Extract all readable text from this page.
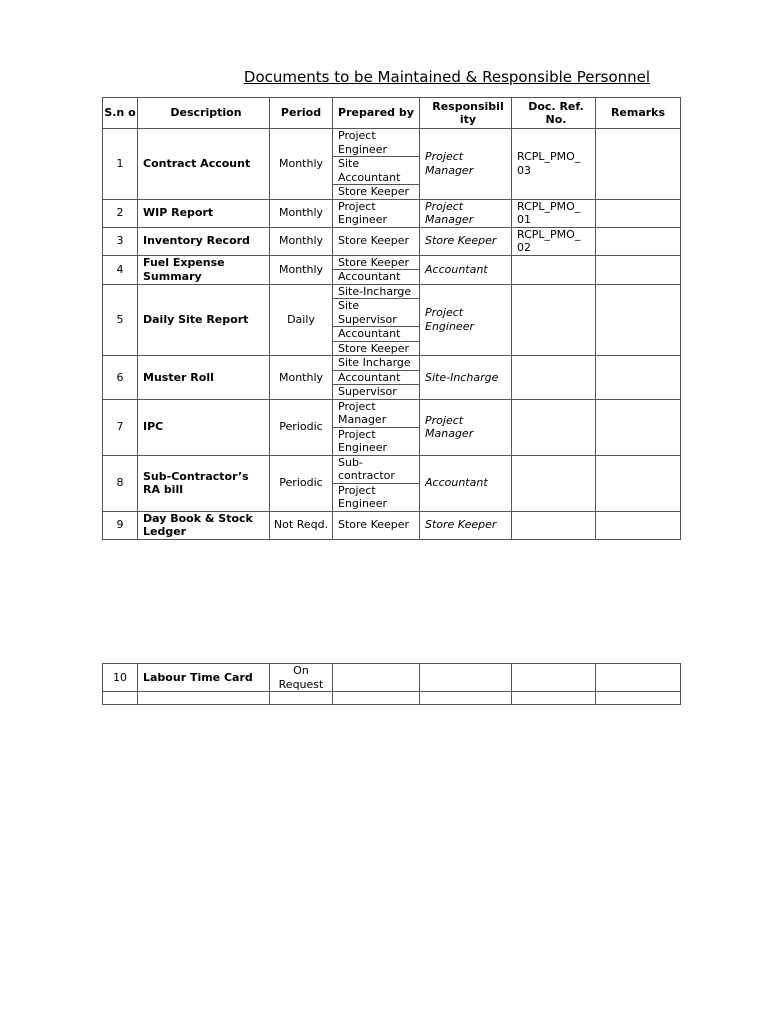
Documents to be Maintained & Responsible Personnel
S.n o	Description	Period	Prepared by	Responsibil ity	Doc. Ref. No.	Remarks
1	Contract Account	Monthly	Project Engineer
Site Accountant
Store Keeper	Project Manager	RCPL_PMO_ 03	
2	WIP Report	Monthly	Project Engineer	Project Manager	RCPL_PMO_ 01	
3	Inventory Record	Monthly	Store Keeper	Store Keeper	RCPL_PMO_ 02	
4	Fuel Expense Summary	Monthly	Store Keeper
Accountant	Accountant		
5	Daily Site Report	Daily	Site-Incharge
Site Supervisor
Accountant
Store Keeper	Project Engineer		
6	Muster Roll	Monthly	Site Incharge
Accountant
Supervisor	Site-Incharge		
7	IPC	Periodic	Project Manager
Project Engineer	Project Manager		
8	Sub-Contractor’s RA bill	Periodic	Sub-contractor
Project Engineer	Accountant		
9	Day Book & Stock Ledger	Not Reqd.	Store Keeper	Store Keeper		
10	Labour Time Card	On Request	
